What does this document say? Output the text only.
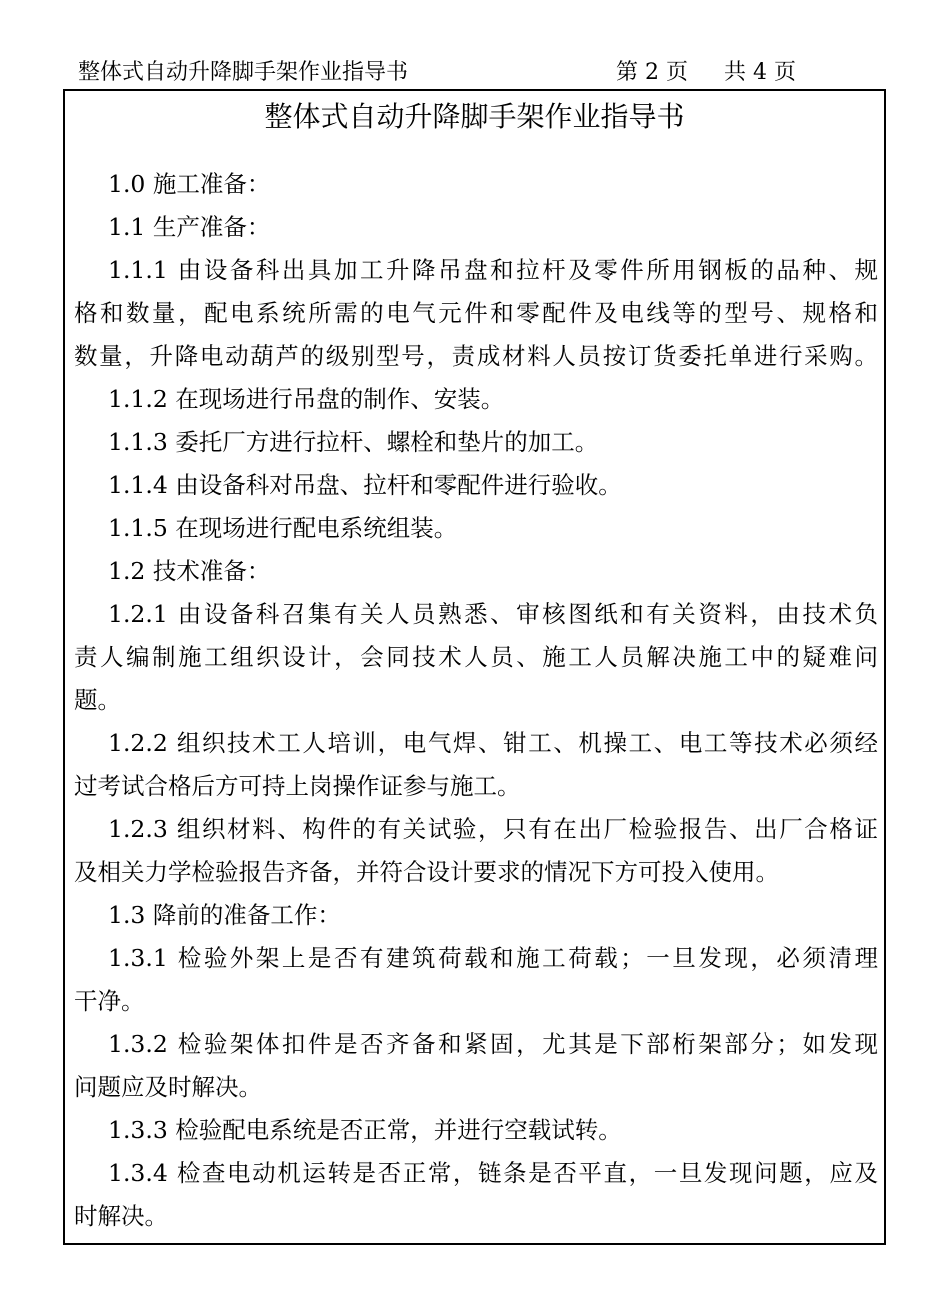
整体式自动升降脚手架作业指导书	第 2 页 共 4 页
整体式自动升降脚手架作业指导书
1.0 施工准备：
1.1 生产准备：
1.1.1 由设备科出具加工升降吊盘和拉杆及零件所用钢板的品种、规
格和数量，配电系统所需的电气元件和零配件及电线等的型号、规格和
数量，升降电动葫芦的级别型号，责成材料人员按订货委托单进行采购。
1.1.2 在现场进行吊盘的制作、安装。
1.1.3 委托厂方进行拉杆、螺栓和垫片的加工。
1.1.4 由设备科对吊盘、拉杆和零配件进行验收。
1.1.5 在现场进行配电系统组装。
1.2 技术准备：
1.2.1 由设备科召集有关人员熟悉、审核图纸和有关资料，由技术负
责人编制施工组织设计，会同技术人员、施工人员解决施工中的疑难问
题。
1.2.2 组织技术工人培训，电气焊、钳工、机操工、电工等技术必须经
过考试合格后方可持上岗操作证参与施工。
1.2.3 组织材料、构件的有关试验，只有在出厂检验报告、出厂合格证
及相关力学检验报告齐备，并符合设计要求的情况下方可投入使用。
1.3 降前的准备工作：
1.3.1 检验外架上是否有建筑荷载和施工荷载；一旦发现，必须清理
干净。
1.3.2 检验架体扣件是否齐备和紧固，尤其是下部桁架部分；如发现
问题应及时解决。
1.3.3 检验配电系统是否正常，并进行空载试转。
1.3.4 检查电动机运转是否正常，链条是否平直，一旦发现问题，应及
时解决。
